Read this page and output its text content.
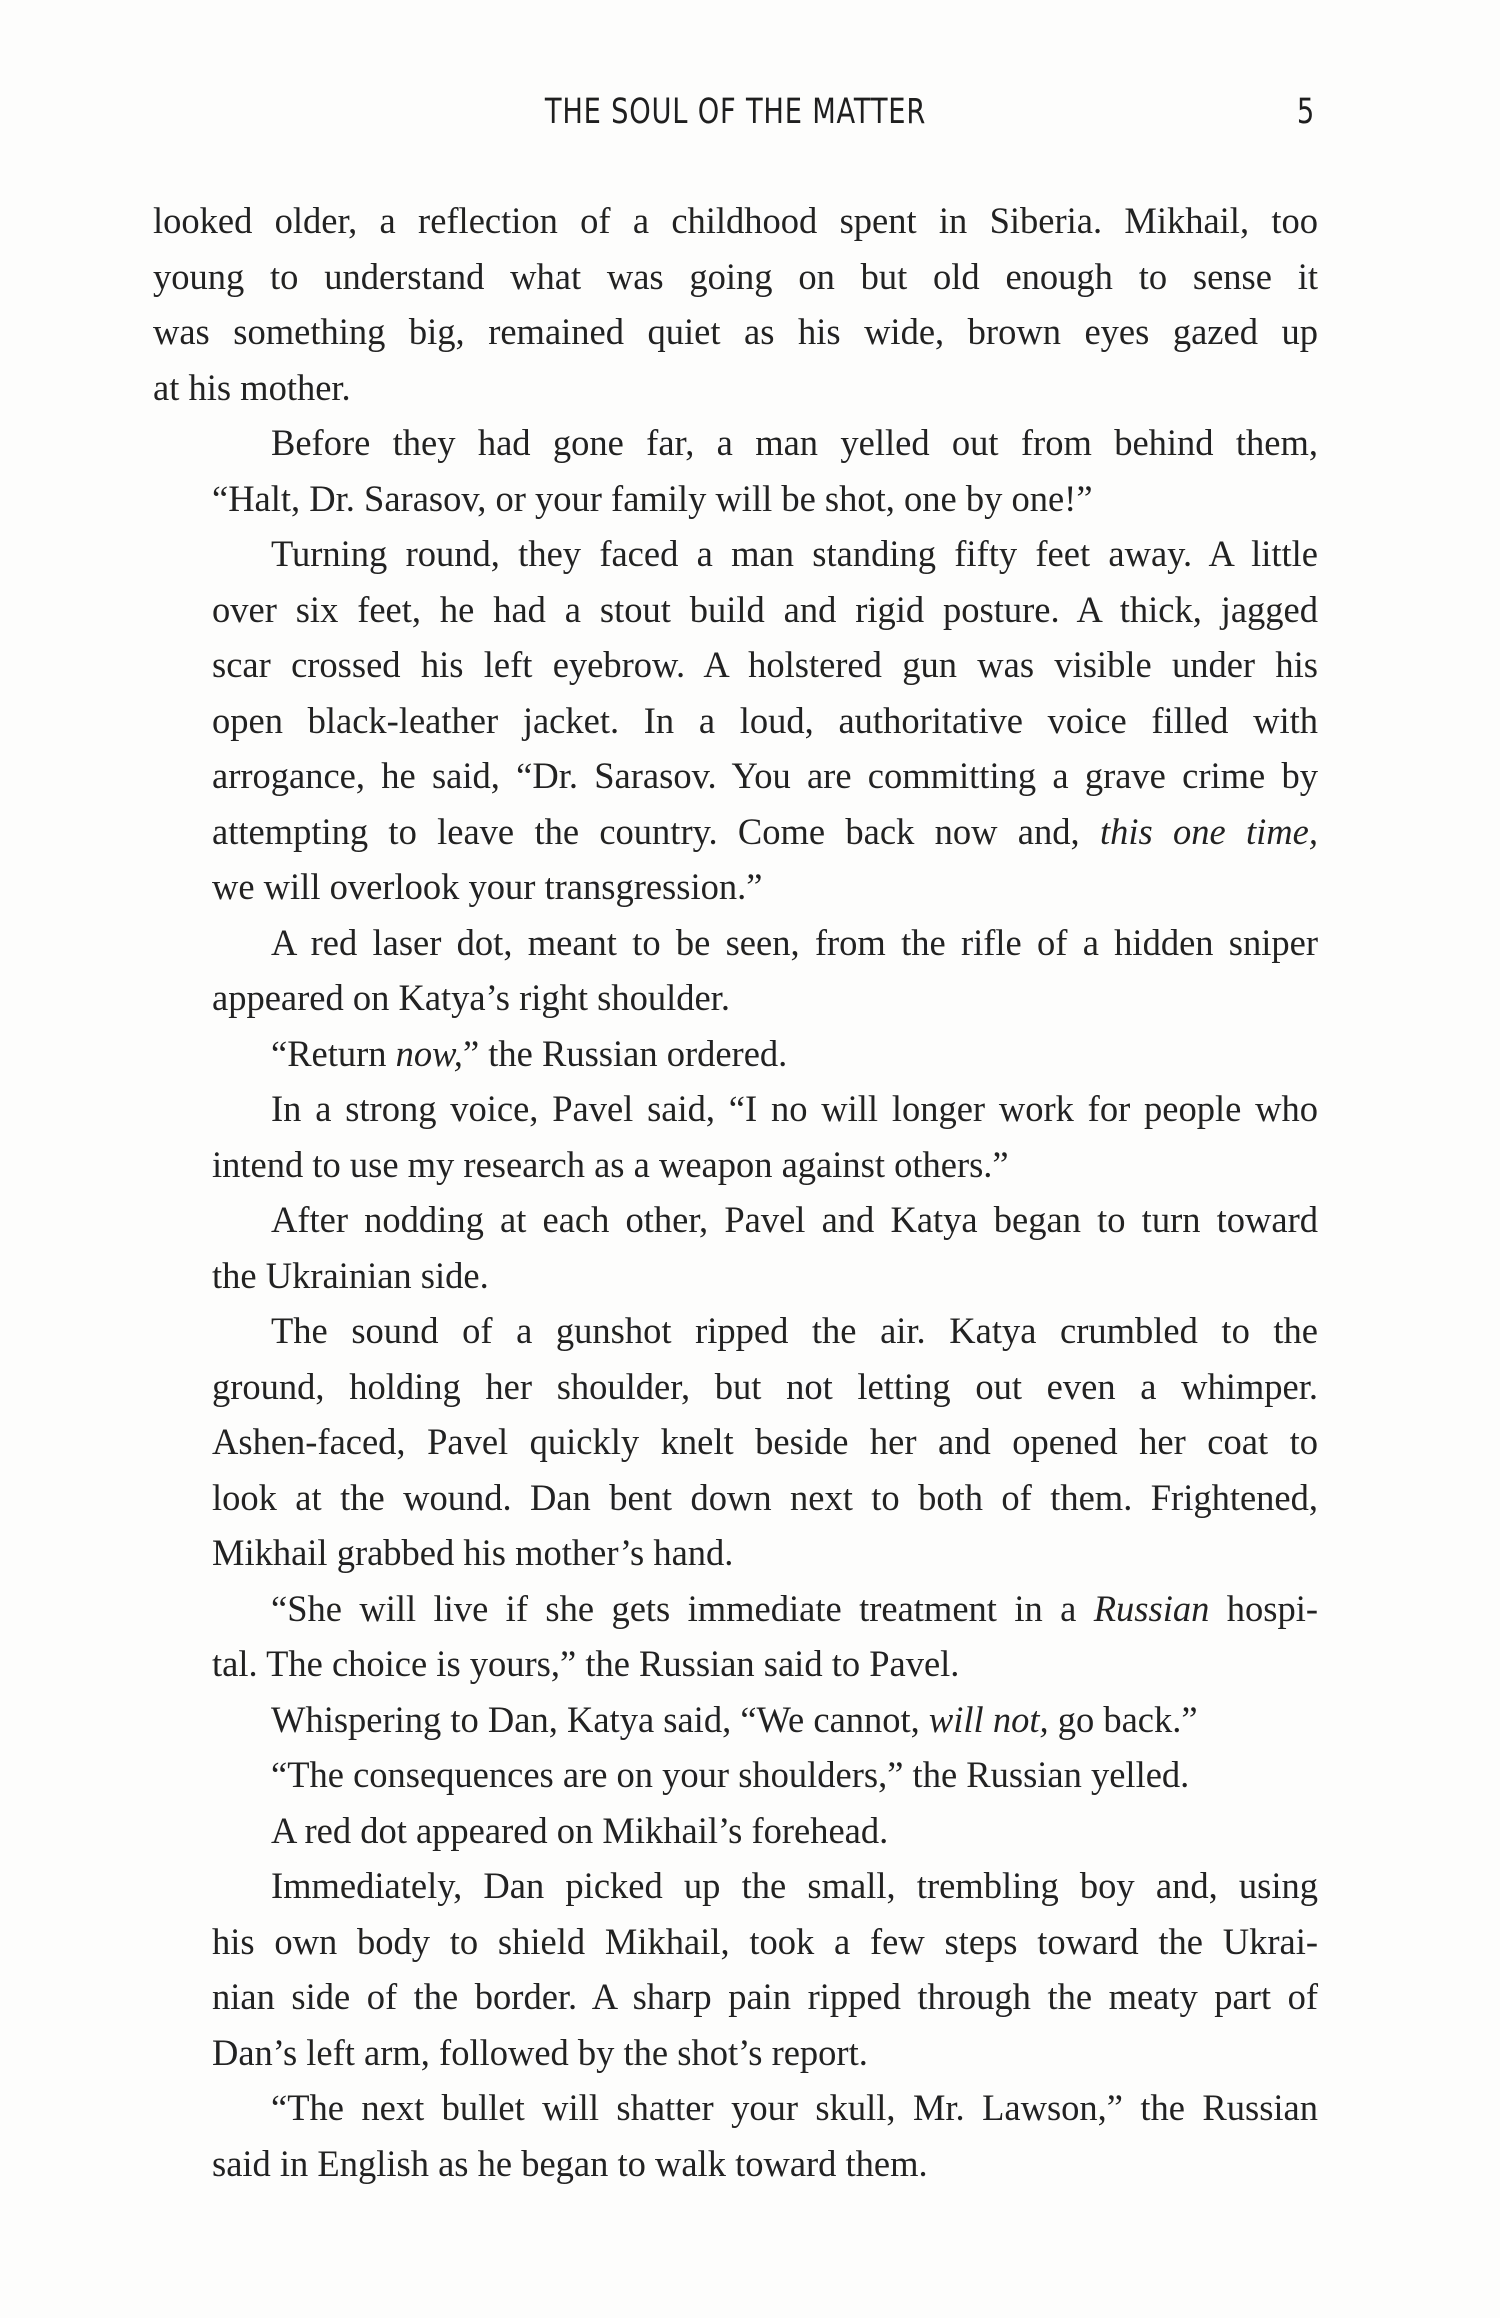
THE SOUL OF THE MATTER	5

looked older, a reflection of a childhood spent in Siberia. Mikhail, too
young to understand what was going on but old enough to sense it
was something big, remained quiet as his wide, brown eyes gazed up
at his mother.

Before they had gone far, a man yelled out from behind them,
“Halt, Dr. Sarasov, or your family will be shot, one by one!”

Turning round, they faced a man standing fifty feet away. A little
over six feet, he had a stout build and rigid posture. A thick, jagged
scar crossed his left eyebrow. A holstered gun was visible under his
open black-leather jacket. In a loud, authoritative voice filled with
arrogance, he said, “Dr. Sarasov. You are committing a grave crime by
attempting to leave the country. Come back now and, this one time,
we will overlook your transgression.”

A red laser dot, meant to be seen, from the rifle of a hidden sniper
appeared on Katya’s right shoulder.

“Return now,” the Russian ordered.

In a strong voice, Pavel said, “I no will longer work for people who
intend to use my research as a weapon against others.”

After nodding at each other, Pavel and Katya began to turn toward
the Ukrainian side.

The sound of a gunshot ripped the air. Katya crumbled to the
ground, holding her shoulder, but not letting out even a whimper.
Ashen-faced, Pavel quickly knelt beside her and opened her coat to
look at the wound. Dan bent down next to both of them. Frightened,
Mikhail grabbed his mother’s hand.

“She will live if she gets immediate treatment in a Russian hospi-
tal. The choice is yours,” the Russian said to Pavel.

Whispering to Dan, Katya said, “We cannot, will not, go back.”

“The consequences are on your shoulders,” the Russian yelled.

A red dot appeared on Mikhail’s forehead.

Immediately, Dan picked up the small, trembling boy and, using
his own body to shield Mikhail, took a few steps toward the Ukrai-
nian side of the border. A sharp pain ripped through the meaty part of
Dan’s left arm, followed by the shot’s report.

“The next bullet will shatter your skull, Mr. Lawson,” the Russian
said in English as he began to walk toward them.
